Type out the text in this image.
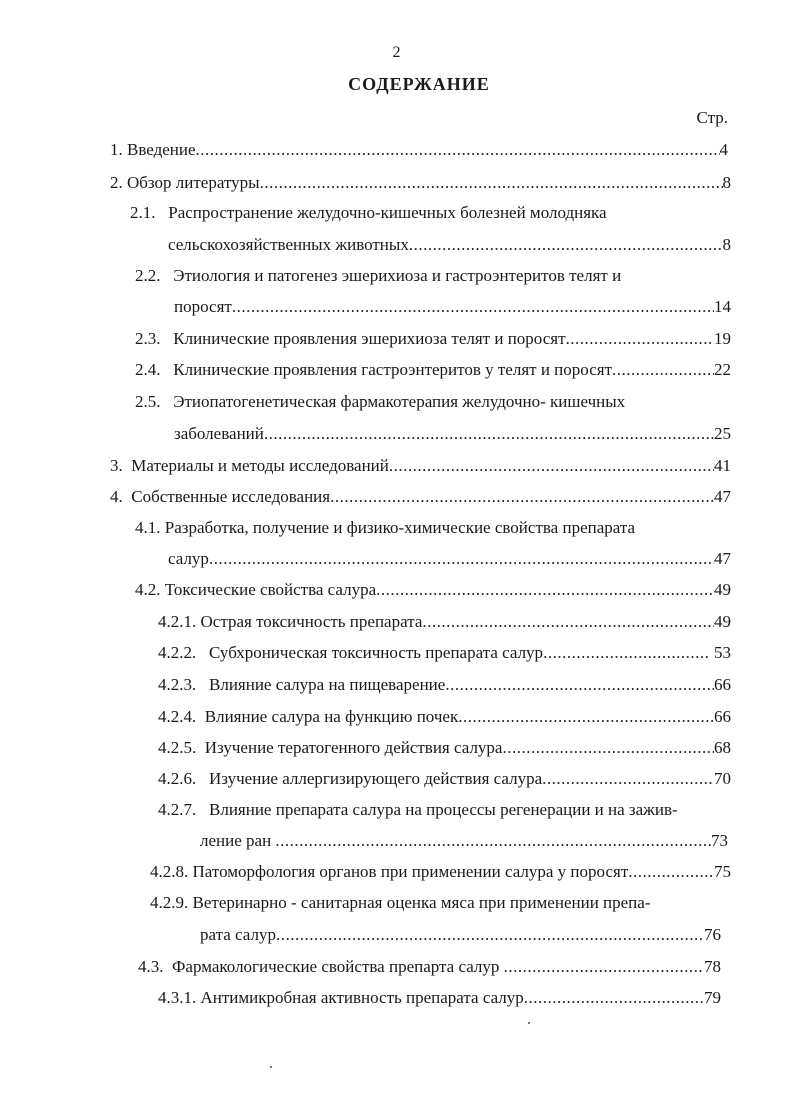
2
СОДЕРЖАНИЕ
Стр.
1.
Введение .....	4
2.
Обзор литературы .....	8
2.1. Распространение желудочно-кишечных болезней молодняка
сельскохозяйственных животных .....	8
2.2. Этиология и патогенез эшерихиоза и гастроэнтеритов телят и
поросят .....	14
2.3.
Клинические проявления эшерихиоза телят и поросят .....	19
2.4.
Клинические проявления гастроэнтеритов у телят и поросят .....	22
2.5. Этиопатогенетическая фармакотерапия желудочно- кишечных
заболеваний .....	25
3.
Материалы и методы исследований .....	41
4.
Собственные исследования .....	47
4.1. Разработка, получение и физико-химические свойства препарата
салур .....	47
4.2.
Токсические свойства салура .....	49
4.2.1.
Острая токсичность препарата .....	49
4.2.2.
Субхроническая токсичность препарата салур .....
	53
4.2.3.
Влияние салура на пищеварение .....	66
4.2.4.
Влияние салура на функцию почек .....	66
4.2.5.
Изучение тератогенного действия салура .....	68
4.2.6.
Изучение аллергизирующего действия салура .....	70
4.2.7. Влияние препарата салура на процессы регенерации и на зажив-
ление ран
.....	73
4.2.8.
Патоморфология органов при применении салура у поросят .....	75
4.2.9. Ветеринарно - санитарная оценка мяса при применении препа-
рата салур .....	76
4.3.
Фармакологические свойства препарта салур
.....	78
4.3.1.
Антимикробная активность препарата салур .....	79
